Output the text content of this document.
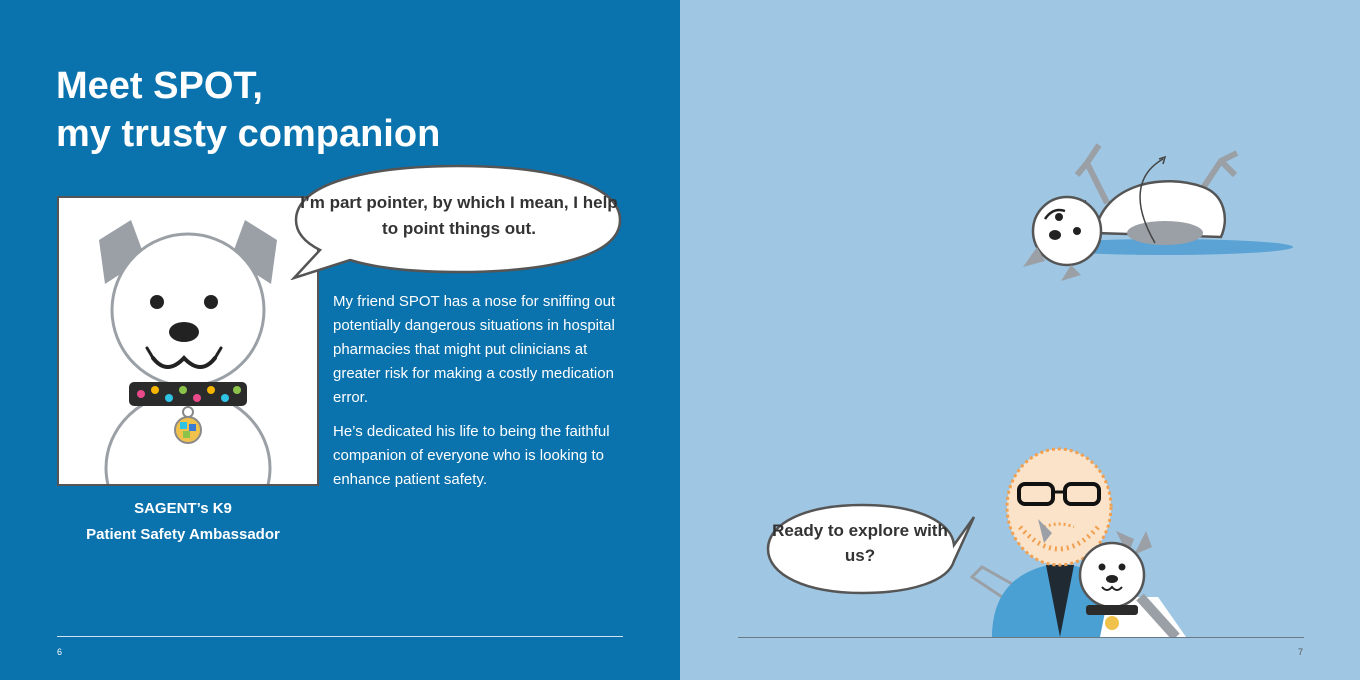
Meet SPOT,
my trusty companion
SAGENT’s K9
Patient Safety Ambassador
I’m part pointer, by which I mean, I help to point things out.

My friend SPOT has a nose for sniffing out potentially dangerous situations in hospital pharmacies that might put clinicians at greater risk for making a costly medication error.

He’s dedicated his life to being the faithful companion of everyone who is looking to enhance patient safety.

6
Ready to explore with us?
7
